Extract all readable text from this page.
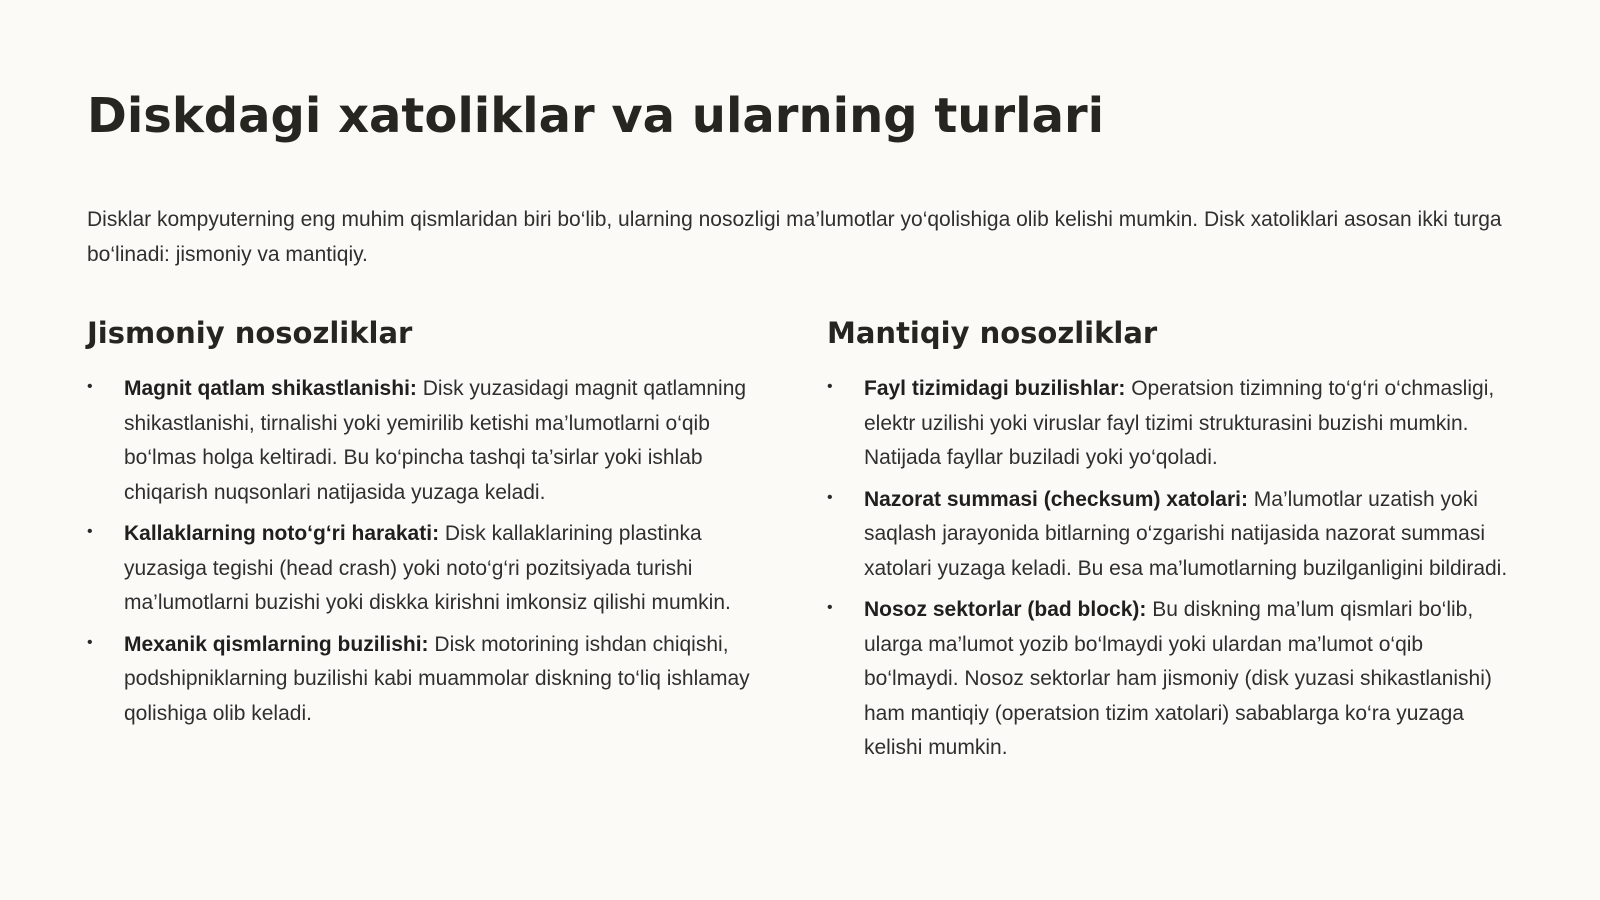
Diskdagi xatoliklar va ularning turlari

Disklar kompyuterning eng muhim qismlaridan biri bo‘lib, ularning nosozligi ma’lumotlar yo‘qolishiga olib kelishi mumkin. Disk xatoliklari asosan ikki turga bo‘linadi: jismoniy va mantiqiy.

Jismoniy nosozliklar
• Magnit qatlam shikastlanishi: Disk yuzasidagi magnit qatlamning shikastlanishi, tirnalishi yoki yemirilib ketishi ma’lumotlarni o‘qib bo‘lmas holga keltiradi. Bu ko‘pincha tashqi ta’sirlar yoki ishlab chiqarish nuqsonlari natijasida yuzaga keladi.
• Kallaklarning noto‘g‘ri harakati: Disk kallaklarining plastinka yuzasiga tegishi (head crash) yoki noto‘g‘ri pozitsiyada turishi ma’lumotlarni buzishi yoki diskka kirishni imkonsiz qilishi mumkin.
• Mexanik qismlarning buzilishi: Disk motorining ishdan chiqishi, podshipniklarning buzilishi kabi muammolar diskning to‘liq ishlamay qolishiga olib keladi.
Mantiqiy nosozliklar
• Fayl tizimidagi buzilishlar: Operatsion tizimning to‘g‘ri o‘chmasligi, elektr uzilishi yoki viruslar fayl tizimi strukturasini buzishi mumkin. Natijada fayllar buziladi yoki yo‘qoladi.
• Nazorat summasi (checksum) xatolari: Ma’lumotlar uzatish yoki saqlash jarayonida bitlarning o‘zgarishi natijasida nazorat summasi xatolari yuzaga keladi. Bu esa ma’lumotlarning buzilganligini bildiradi.
• Nosoz sektorlar (bad block): Bu diskning ma’lum qismlari bo‘lib, ularga ma’lumot yozib bo‘lmaydi yoki ulardan ma’lumot o‘qib bo‘lmaydi. Nosoz sektorlar ham jismoniy (disk yuzasi shikastlanishi) ham mantiqiy (operatsion tizim xatolari) sabablarga ko‘ra yuzaga kelishi mumkin.
